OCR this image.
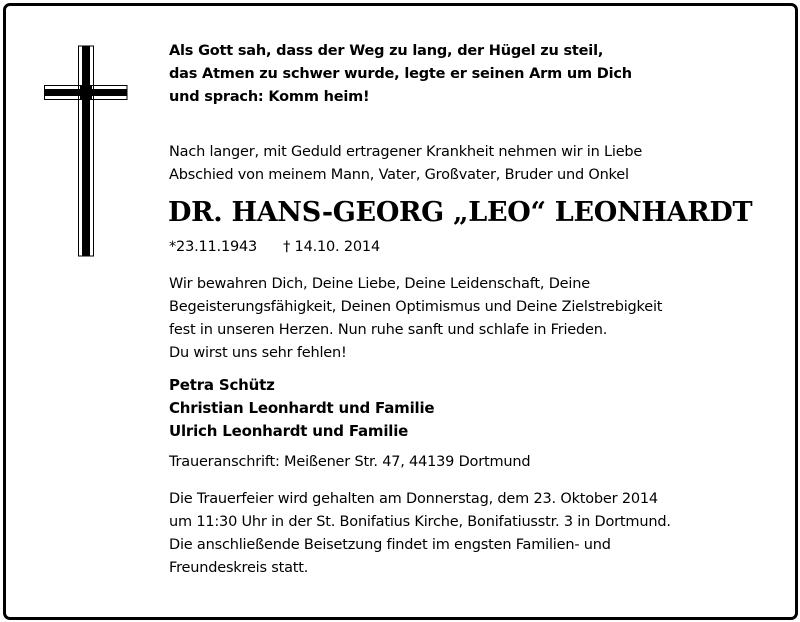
Als Gott sah, dass der Weg zu lang, der Hügel zu steil,
das Atmen zu schwer wurde, legte er seinen Arm um Dich
und sprach: Komm heim!
Nach langer, mit Geduld ertragener Krankheit nehmen wir in Liebe
Abschied von meinem Mann, Vater, Großvater, Bruder und Onkel
DR. HANS-GEORG „LEO“ LEONHARDT
*23.11.1943 † 14.10. 2014
Wir bewahren Dich, Deine Liebe, Deine Leidenschaft, Deine
Begeisterungsfähigkeit, Deinen Optimismus und Deine Zielstrebigkeit
fest in unseren Herzen. Nun ruhe sanft und schlafe in Frieden.
Du wirst uns sehr fehlen!
Petra Schütz
Christian Leonhardt und Familie
Ulrich Leonhardt und Familie
Traueranschrift: Meißener Str. 47, 44139 Dortmund
Die Trauerfeier wird gehalten am Donnerstag, dem 23. Oktober 2014
um 11:30 Uhr in der St. Bonifatius Kirche, Bonifatiusstr. 3 in Dortmund.
Die anschließende Beisetzung findet im engsten Familien- und
Freundeskreis statt.
